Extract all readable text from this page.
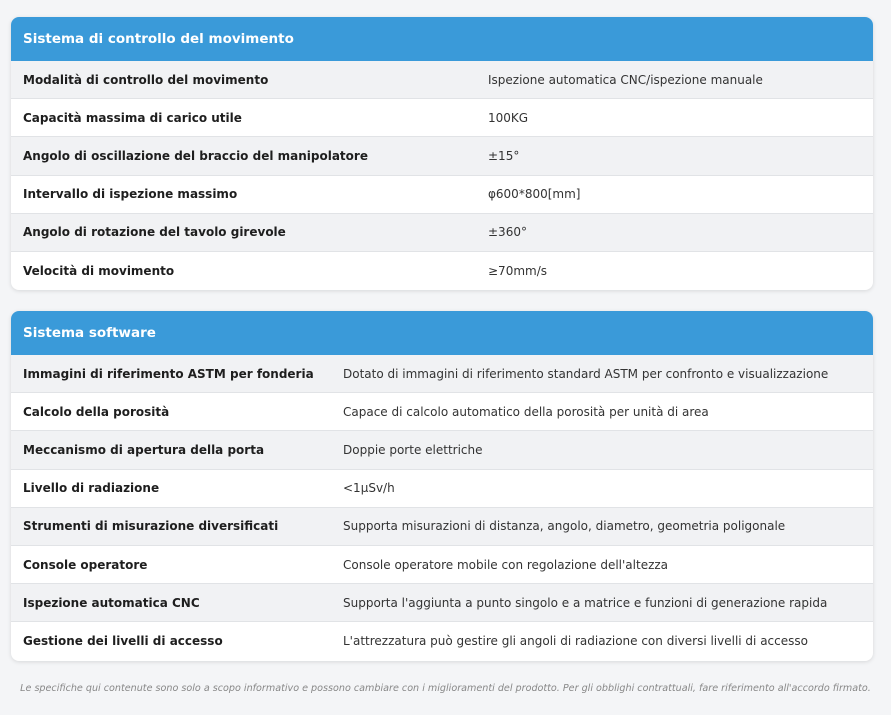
Sistema di controllo del movimento
Modalità di controllo del movimento	Ispezione automatica CNC/ispezione manuale
Capacità massima di carico utile	100KG
Angolo di oscillazione del braccio del manipolatore	±15°
Intervallo di ispezione massimo	φ600*800[mm]
Angolo di rotazione del tavolo girevole	±360°
Velocità di movimento	≥70mm/s
Sistema software
Immagini di riferimento ASTM per fonderia	Dotato di immagini di riferimento standard ASTM per confronto e visualizzazione
Calcolo della porosità	Capace di calcolo automatico della porosità per unità di area
Meccanismo di apertura della porta	Doppie porte elettriche
Livello di radiazione	<1μSv/h
Strumenti di misurazione diversificati	Supporta misurazioni di distanza, angolo, diametro, geometria poligonale
Console operatore	Console operatore mobile con regolazione dell'altezza
Ispezione automatica CNC	Supporta l'aggiunta a punto singolo e a matrice e funzioni di generazione rapida
Gestione dei livelli di accesso	L'attrezzatura può gestire gli angoli di radiazione con diversi livelli di accesso

Le specifiche qui contenute sono solo a scopo informativo e possono cambiare con i miglioramenti del prodotto. Per gli obblighi contrattuali, fare riferimento all'accordo firmato.
